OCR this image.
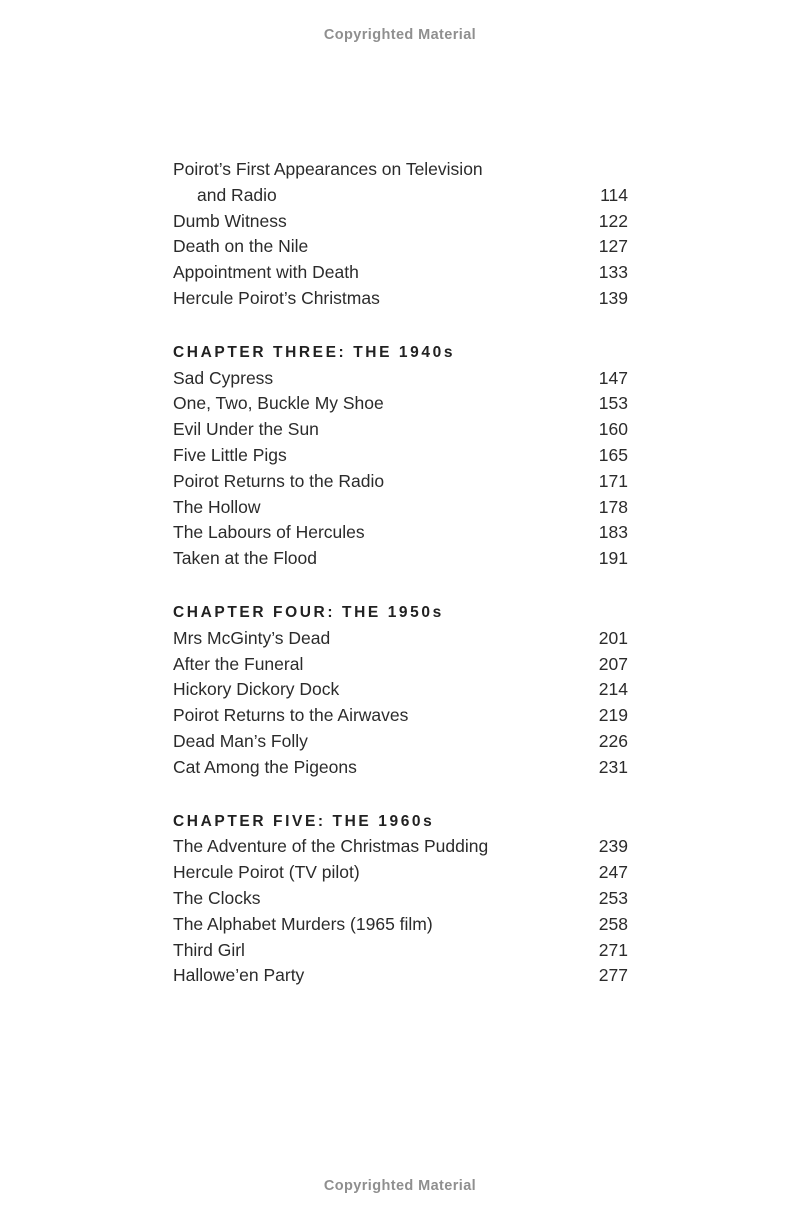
Copyrighted Material
Poirot’s First Appearances on Television
and Radio	114
Dumb Witness	122
Death on the Nile	127
Appointment with Death	133
Hercule Poirot’s Christmas	139
CHAPTER THREE: THE 1940s
Sad Cypress	147
One, Two, Buckle My Shoe	153
Evil Under the Sun	160
Five Little Pigs	165
Poirot Returns to the Radio	171
The Hollow	178
The Labours of Hercules	183
Taken at the Flood	191
CHAPTER FOUR: THE 1950s
Mrs McGinty’s Dead	201
After the Funeral	207
Hickory Dickory Dock	214
Poirot Returns to the Airwaves	219
Dead Man’s Folly	226
Cat Among the Pigeons	231
CHAPTER FIVE: THE 1960s
The Adventure of the Christmas Pudding	239
Hercule Poirot (TV pilot)	247
The Clocks	253
The Alphabet Murders (1965 film)	258
Third Girl	271
Hallowe’en Party	277
Copyrighted Material
